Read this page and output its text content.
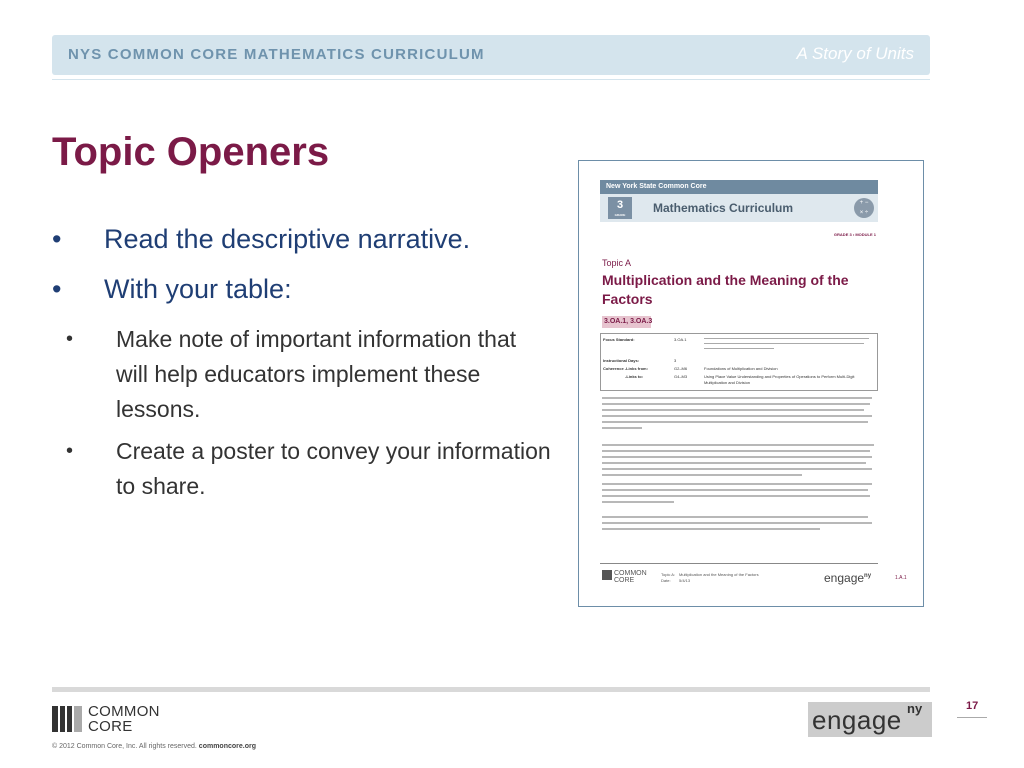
NYS COMMON CORE MATHEMATICS CURRICULUM	A Story of Units
Topic Openers
• Read the descriptive narrative.
• With your table:
• Make note of important information that will help educators implement these lessons.
• Create a poster to convey your information to share.
New York State Common Core
3
GRADE	Mathematics Curriculum	+ −
× ÷
GRADE 3 • MODULE 1
Topic A
Multiplication and the Meaning of the Factors
3.OA.1, 3.OA.3
Focus Standard:	3.OA.1
Instructional Days:	3
Coherence -Links from:	G2–M6	Foundations of Multiplication and Division
-Links to:	G4–M3	Using Place Value Understanding and Properties of Operations to Perform Multi-Digit Multiplication and Division
COMMON
CORE
Topic A:
Date:
Multiplication and the Meaning of the Factors
5/4/13	engage$^{ny}$	1.A.1
COMMON
CORE
© 2012 Common Core, Inc. All rights reserved. commoncore.org
engage ny	17
